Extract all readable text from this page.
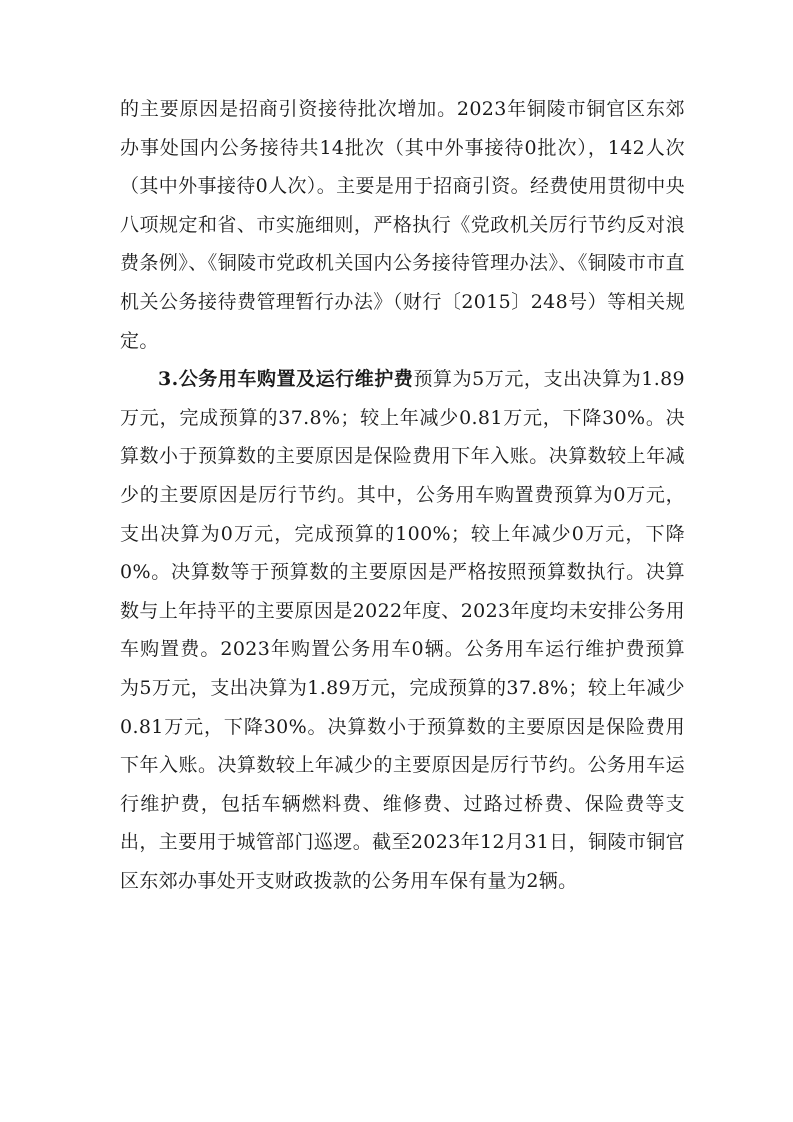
的主要原因是招商引资接待批次增加。2023年铜陵市铜官区东郊办事处国内公务接待共14批次（其中外事接待0批次），142人次（其中外事接待0人次）。主要是用于招商引资。经费使用贯彻中央八项规定和省、市实施细则，严格执行《党政机关厉行节约反对浪费条例》、《铜陵市党政机关国内公务接待管理办法》、《铜陵市市直机关公务接待费管理暂行办法》（财行〔2015〕248号）等相关规定。

3.公务用车购置及运行维护费预算为5万元，支出决算为1.89万元，完成预算的37.8%；较上年减少0.81万元，下降30%。决算数小于预算数的主要原因是保险费用下年入账。决算数较上年减少的主要原因是厉行节约。其中，公务用车购置费预算为0万元，支出决算为0万元，完成预算的100%；较上年减少0万元，下降0%。决算数等于预算数的主要原因是严格按照预算数执行。决算数与上年持平的主要原因是2022年度、2023年度均未安排公务用车购置费。2023年购置公务用车0辆。公务用车运行维护费预算为5万元，支出决算为1.89万元，完成预算的37.8%；较上年减少0.81万元，下降30%。决算数小于预算数的主要原因是保险费用下年入账。决算数较上年减少的主要原因是厉行节约。公务用车运行维护费，包括车辆燃料费、维修费、过路过桥费、保险费等支出，主要用于城管部门巡逻。截至2023年12月31日，铜陵市铜官区东郊办事处开支财政拨款的公务用车保有量为2辆。
